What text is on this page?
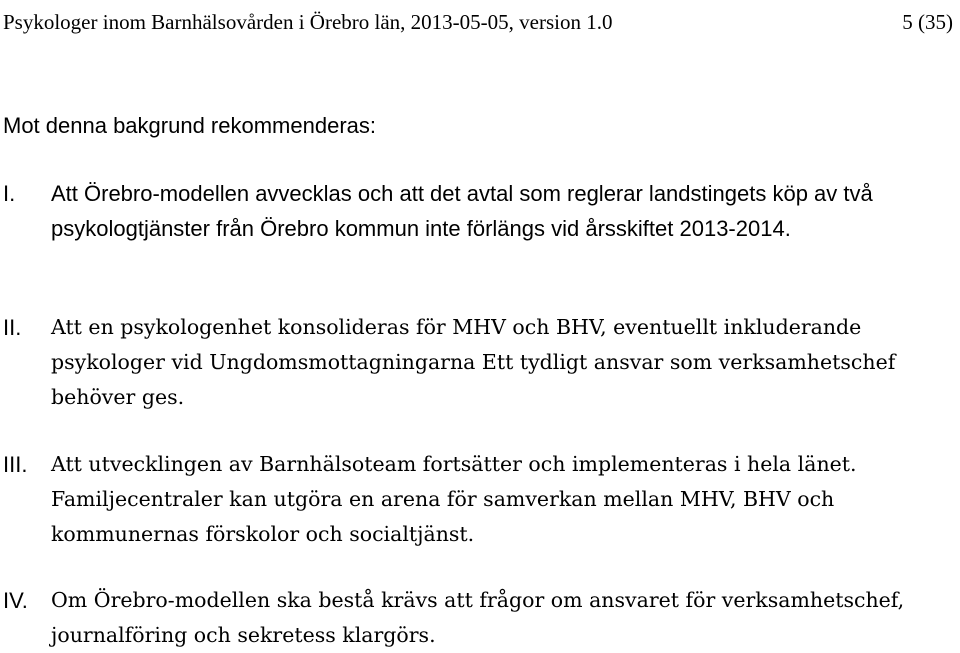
Psykologer inom Barnhälsovården i Örebro län, 2013-05-05, version 1.0	5 (35)
Mot denna bakgrund rekommenderas:
I. Att Örebro-modellen avvecklas och att det avtal som reglerar landstingets köp av två psykologtjänster från Örebro kommun inte förlängs vid årsskiftet 2013-2014.

II. Att en psykologenhet konsolideras för MHV och BHV, eventuellt inkluderande psykologer vid Ungdomsmottagningarna Ett tydligt ansvar som verksamhetschef behöver ges.

III. Att utvecklingen av Barnhälsoteam fortsätter och implementeras i hela länet. Familjecentraler kan utgöra en arena för samverkan mellan MHV, BHV och kommunernas förskolor och socialtjänst.

IV. Om Örebro-modellen ska bestå krävs att frågor om ansvaret för verksamhetschef, journalföring och sekretess klargörs.
